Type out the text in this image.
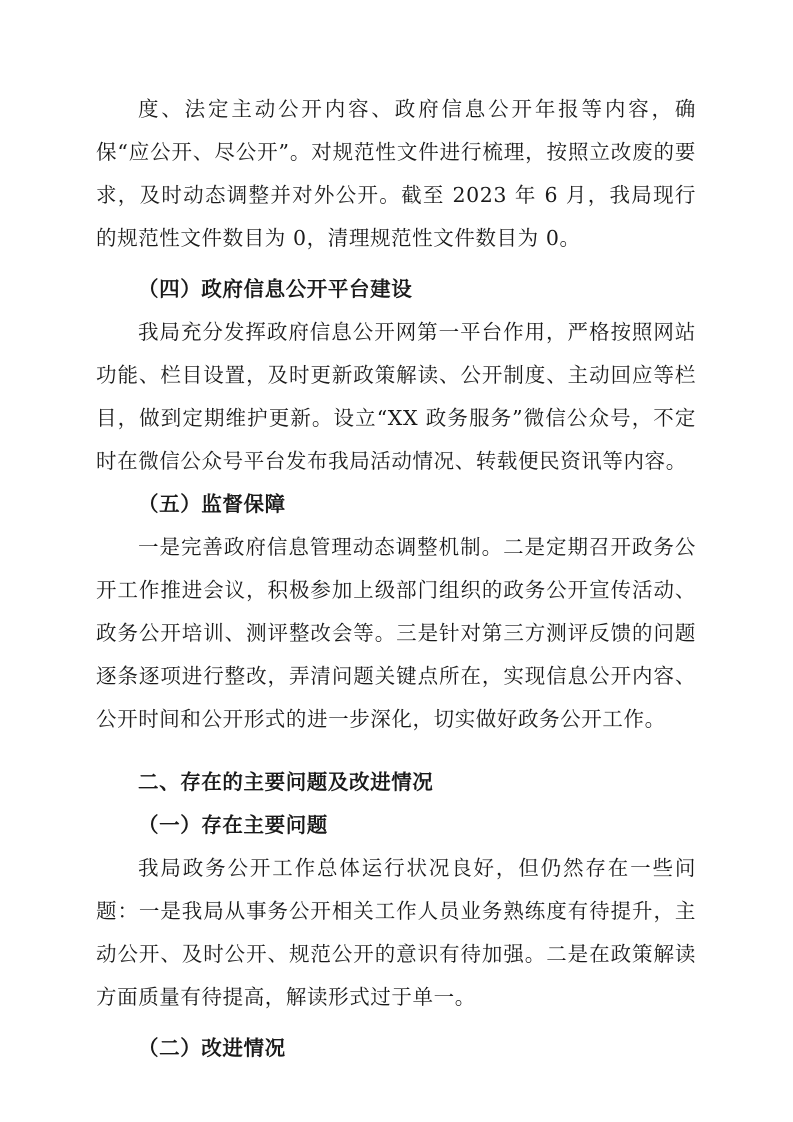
度、法定主动公开内容、政府信息公开年报等内容，确保“应公开、尽公开”。对规范性文件进行梳理，按照立改废的要求，及时动态调整并对外公开。截至 2023 年 6 月，我局现行的规范性文件数目为 0，清理规范性文件数目为 0。

（四）政府信息公开平台建设

我局充分发挥政府信息公开网第一平台作用，严格按照网站功能、栏目设置，及时更新政策解读、公开制度、主动回应等栏目，做到定期维护更新。设立“XX 政务服务”微信公众号，不定时在微信公众号平台发布我局活动情况、转载便民资讯等内容。

（五）监督保障

一是完善政府信息管理动态调整机制。二是定期召开政务公开工作推进会议，积极参加上级部门组织的政务公开宣传活动、政务公开培训、测评整改会等。三是针对第三方测评反馈的问题逐条逐项进行整改，弄清问题关键点所在，实现信息公开内容、公开时间和公开形式的进一步深化，切实做好政务公开工作。

二、存在的主要问题及改进情况

（一）存在主要问题

我局政务公开工作总体运行状况良好，但仍然存在一些问题：一是我局从事务公开相关工作人员业务熟练度有待提升，主动公开、及时公开、规范公开的意识有待加强。二是在政策解读方面质量有待提高，解读形式过于单一。

（二）改进情况
